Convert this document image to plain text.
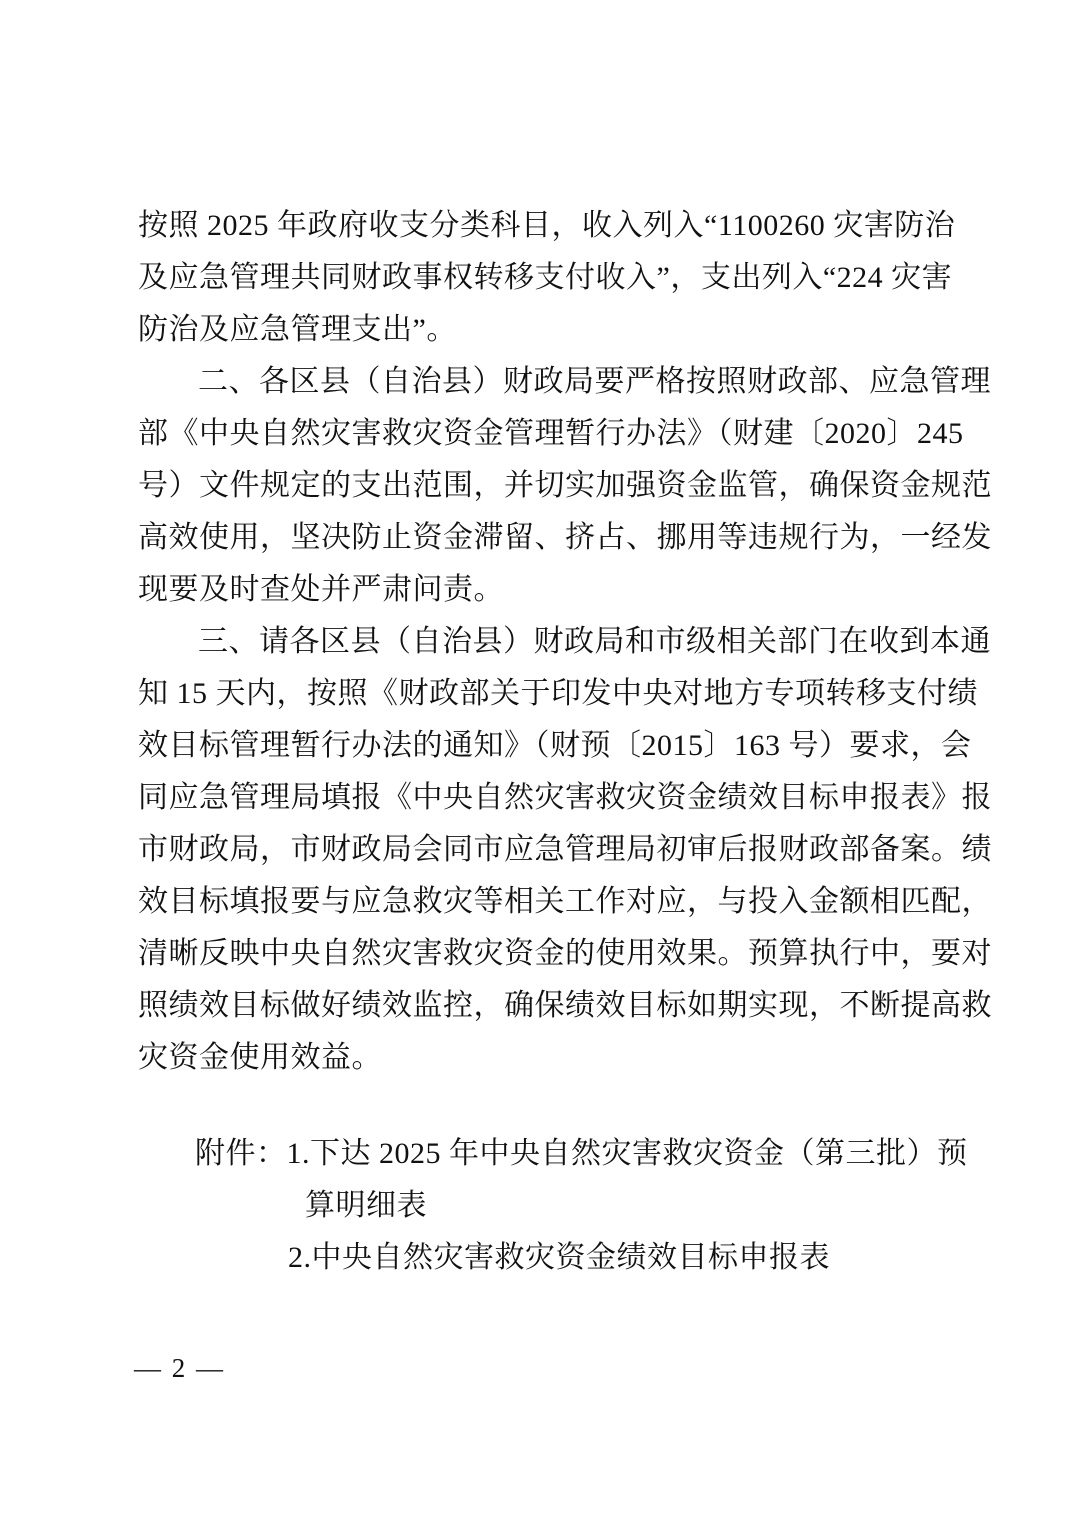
按照 2025 年政府收支分类科目，收入列入“1100260 灾害防治

及应急管理共同财政事权转移支付收入”，支出列入“224 灾害

防治及应急管理支出”。

二、各区县（自治县）财政局要严格按照财政部、应急管理

部《中央自然灾害救灾资金管理暂行办法》（财建〔2020〕245

号）文件规定的支出范围，并切实加强资金监管，确保资金规范

高效使用，坚决防止资金滞留、挤占、挪用等违规行为，一经发

现要及时查处并严肃问责。

三、请各区县（自治县）财政局和市级相关部门在收到本通

知 15 天内，按照《财政部关于印发中央对地方专项转移支付绩

效目标管理暂行办法的通知》（财预〔2015〕163 号）要求，会

同应急管理局填报《中央自然灾害救灾资金绩效目标申报表》报

市财政局，市财政局会同市应急管理局初审后报财政部备案。绩

效目标填报要与应急救灾等相关工作对应，与投入金额相匹配，

清晰反映中央自然灾害救灾资金的使用效果。预算执行中，要对

照绩效目标做好绩效监控，确保绩效目标如期实现，不断提高救

灾资金使用效益。

附件：1.下达 2025 年中央自然灾害救灾资金（第三批）预

算明细表

2.中央自然灾害救灾资金绩效目标申报表

— 2 —
